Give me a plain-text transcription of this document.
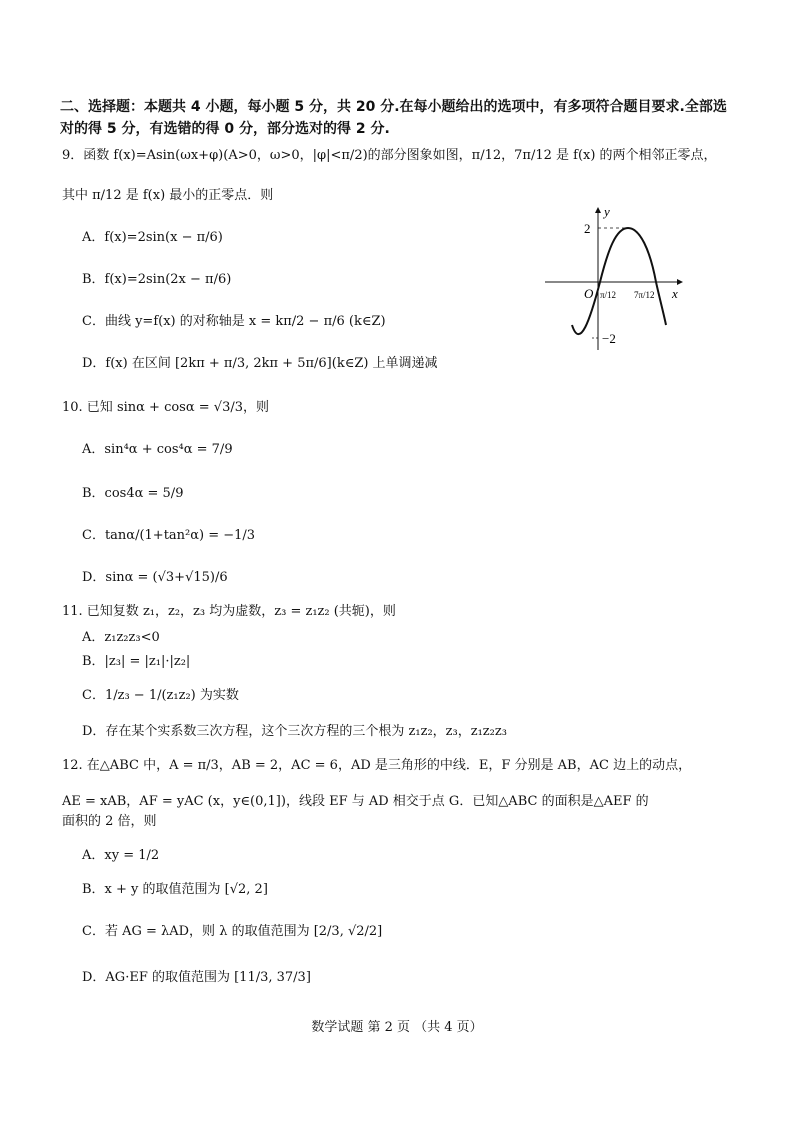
二、选择题：本题共 4 小题，每小题 5 分，共 20 分.在每小题给出的选项中，有多项符合题目要求.全部选对的得 5 分，有选错的得 0 分，部分选对的得 2 分.
9．函数 f(x)=Asin(ωx+φ)(A>0，ω>0，|φ|<π/2)的部分图象如图，π/12，7π/12 是 f(x) 的两个相邻正零点，
其中 π/12 是 f(x) 最小的正零点．则
A．f(x)=2sin(x − π/6)
B．f(x)=2sin(2x − π/6)
C．曲线 y=f(x) 的对称轴是 x = kπ/2 − π/6 (k∈Z)
D．f(x) 在区间 [2kπ + π/3, 2kπ + 5π/6](k∈Z) 上单调递减
y
x
O
2
−2
π/12 7π/12
10. 已知 sinα + cosα = √3/3，则
A．sin⁴α + cos⁴α = 7/9
B．cos4α = 5/9
C．tanα/(1+tan²α) = −1/3
D．sinα = (√3+√15)/6
11. 已知复数 z₁，z₂，z₃ 均为虚数，z₃ = z₁z₂ (共轭)，则
A．z₁z₂z₃<0
B．|z₃| = |z₁|·|z₂|
C．1/z₃ − 1/(z₁z₂) 为实数
D．存在某个实系数三次方程，这个三次方程的三个根为 z₁z₂，z₃，z₁z₂z₃
12. 在△ABC 中，A = π/3，AB = 2，AC = 6，AD 是三角形的中线．E，F 分别是 AB，AC 边上的动点，
AE = xAB，AF = yAC (x，y∈(0,1])，线段 EF 与 AD 相交于点 G．已知△ABC 的面积是△AEF 的
面积的 2 倍，则
A．xy = 1/2
B．x + y 的取值范围为 [√2, 2]
C．若 AG = λAD，则 λ 的取值范围为 [2/3, √2/2]
D．AG·EF 的取值范围为 [11/3, 37/3]
数学试题 第 2 页 （共 4 页）
